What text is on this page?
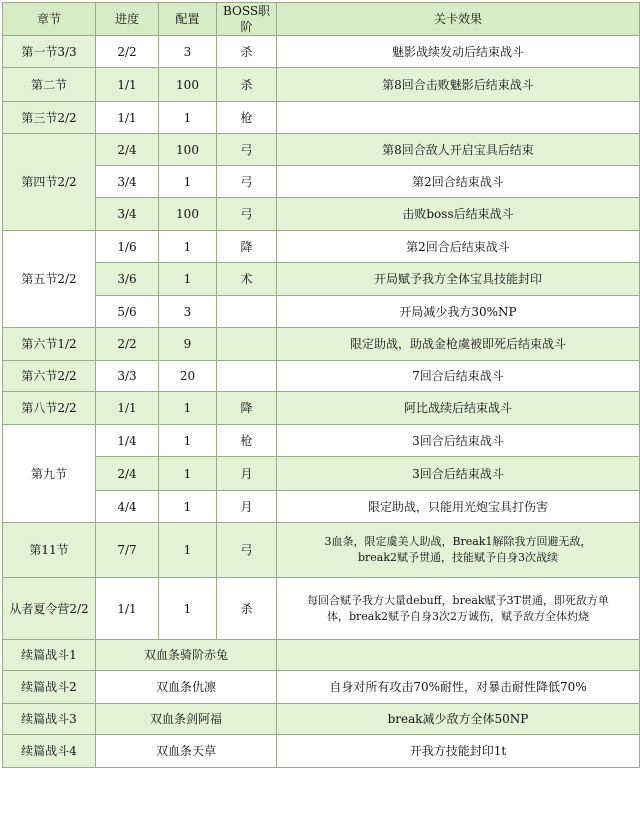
章节	进度	配置	BOSS职阶	关卡效果
第一节3/3	2/2	3	杀	魅影战续发动后结束战斗
第二节	1/1	100	杀	第8回合击败魅影后结束战斗
第三节2/2	1/1	1	枪	
第四节2/2	2/4	100	弓	第8回合敌人开启宝具后结束
	3/4	1	弓	第2回合结束战斗
	3/4	100	弓	击败boss后结束战斗
第五节2/2	1/6	1	降	第2回合后结束战斗
	3/6	1	术	开局赋予我方全体宝具技能封印
	5/6	3		开局减少我方30%NP
第六节1/2	2/2	9		限定助战，助战金枪虞被即死后结束战斗
第六节2/2	3/3	20		7回合后结束战斗
第八节2/2	1/1	1	降	阿比战续后结束战斗
第九节	1/4	1	枪	3回合后结束战斗
	2/4	1	月	3回合后结束战斗
	4/4	1	月	限定助战，只能用光炮宝具打伤害
第11节	7/7	1	弓	3血条，限定虞美人助战，Break1解除我方回避无敌，
break2赋予贯通，技能赋予自身3次战续

从者夏令营2/2	1/1	1	杀	每回合赋予我方大量debuff，break赋予3T贯通，即死敌方单
体，break2赋予自身3次2万诚伤，赋予敌方全体灼烧

续篇战斗1	双血条骑阶赤兔			
续篇战斗2	双血条仇凛			自身对所有攻击70%耐性，对暴击耐性降低70%
续篇战斗3	双血条剑阿福			break减少敌方全体50NP
续篇战斗4	双血条天草			开我方技能封印1t
